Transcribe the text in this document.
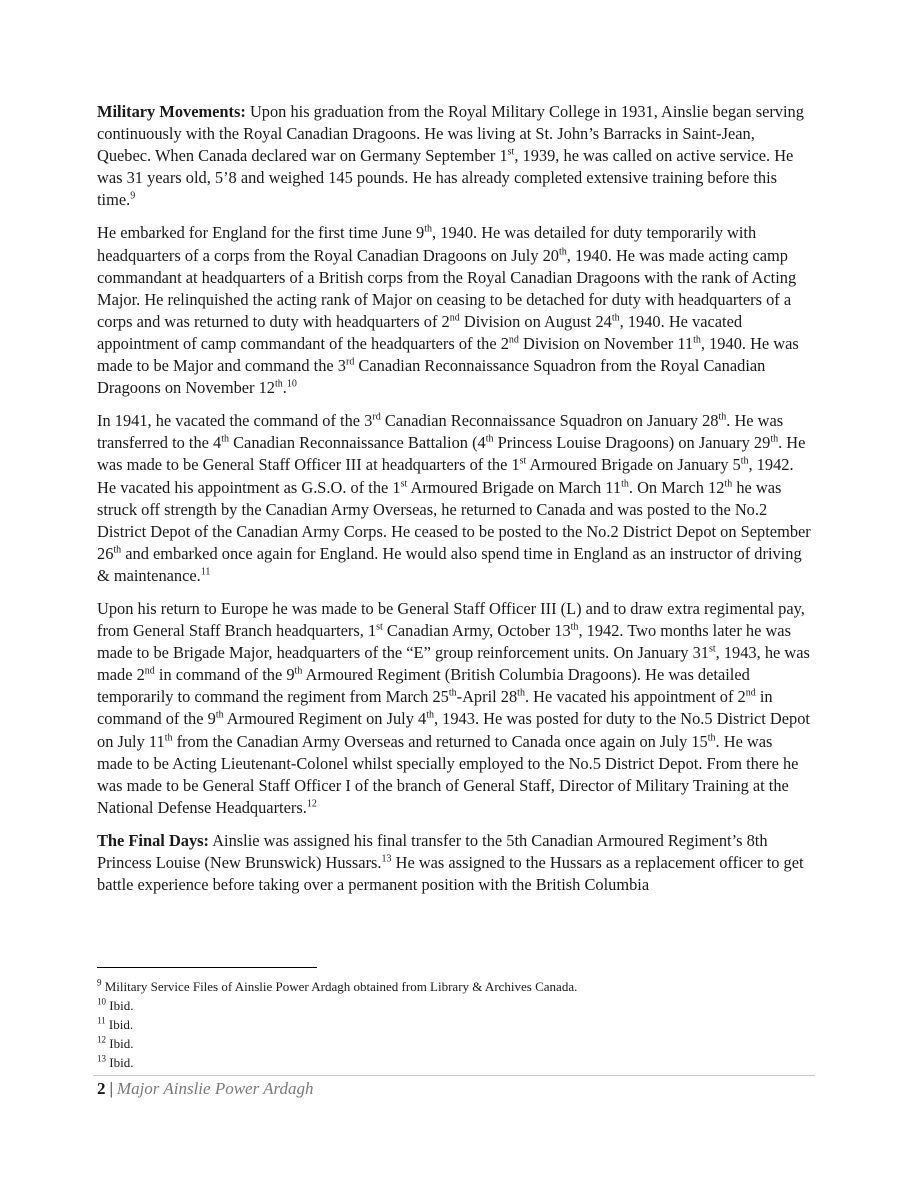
Military Movements: Upon his graduation from the Royal Military College in 1931, Ainslie began serving continuously with the Royal Canadian Dragoons. He was living at St. John’s Barracks in Saint-Jean, Quebec. When Canada declared war on Germany September 1st, 1939, he was called on active service. He was 31 years old, 5’8 and weighed 145 pounds. He has already completed extensive training before this time.$^9$

He embarked for England for the first time June 9th, 1940. He was detailed for duty temporarily with headquarters of a corps from the Royal Canadian Dragoons on July 20th, 1940. He was made acting camp commandant at headquarters of a British corps from the Royal Canadian Dragoons with the rank of Acting Major. He relinquished the acting rank of Major on ceasing to be detached for duty with headquarters of a corps and was returned to duty with headquarters of 2nd Division on August 24th, 1940. He vacated appointment of camp commandant of the headquarters of the 2nd Division on November 11th, 1940. He was made to be Major and command the 3rd Canadian Reconnaissance Squadron from the Royal Canadian Dragoons on November 12th.$^{10}$

In 1941, he vacated the command of the 3rd Canadian Reconnaissance Squadron on January 28th. He was transferred to the 4th Canadian Reconnaissance Battalion (4th Princess Louise Dragoons) on January 29th. He was made to be General Staff Officer III at headquarters of the 1st Armoured Brigade on January 5th, 1942. He vacated his appointment as G.S.O. of the 1st Armoured Brigade on March 11th. On March 12th he was struck off strength by the Canadian Army Overseas, he returned to Canada and was posted to the No.2 District Depot of the Canadian Army Corps. He ceased to be posted to the No.2 District Depot on September 26th and embarked once again for England. He would also spend time in England as an instructor of driving & maintenance.$^{11}$

Upon his return to Europe he was made to be General Staff Officer III (L) and to draw extra regimental pay, from General Staff Branch headquarters, 1st Canadian Army, October 13th, 1942. Two months later he was made to be Brigade Major, headquarters of the “E” group reinforcement units. On January 31st, 1943, he was made 2nd in command of the 9th Armoured Regiment (British Columbia Dragoons). He was detailed temporarily to command the regiment from March 25th-April 28th. He vacated his appointment of 2nd in command of the 9th Armoured Regiment on July 4th, 1943. He was posted for duty to the No.5 District Depot on July 11th from the Canadian Army Overseas and returned to Canada once again on July 15th. He was made to be Acting Lieutenant-Colonel whilst specially employed to the No.5 District Depot. From there he was made to be General Staff Officer I of the branch of General Staff, Director of Military Training at the National Defense Headquarters.$^{12}$

The Final Days: Ainslie was assigned his final transfer to the 5th Canadian Armoured Regiment’s 8th Princess Louise (New Brunswick) Hussars.$^{13}$ He was assigned to the Hussars as a replacement officer to get battle experience before taking over a permanent position with the British Columbia

$^9$ Military Service Files of Ainslie Power Ardagh obtained from Library & Archives Canada.

$^{10}$ Ibid.

$^{11}$ Ibid.

$^{12}$ Ibid.

$^{13}$ Ibid.

2 | Major Ainslie Power Ardagh
